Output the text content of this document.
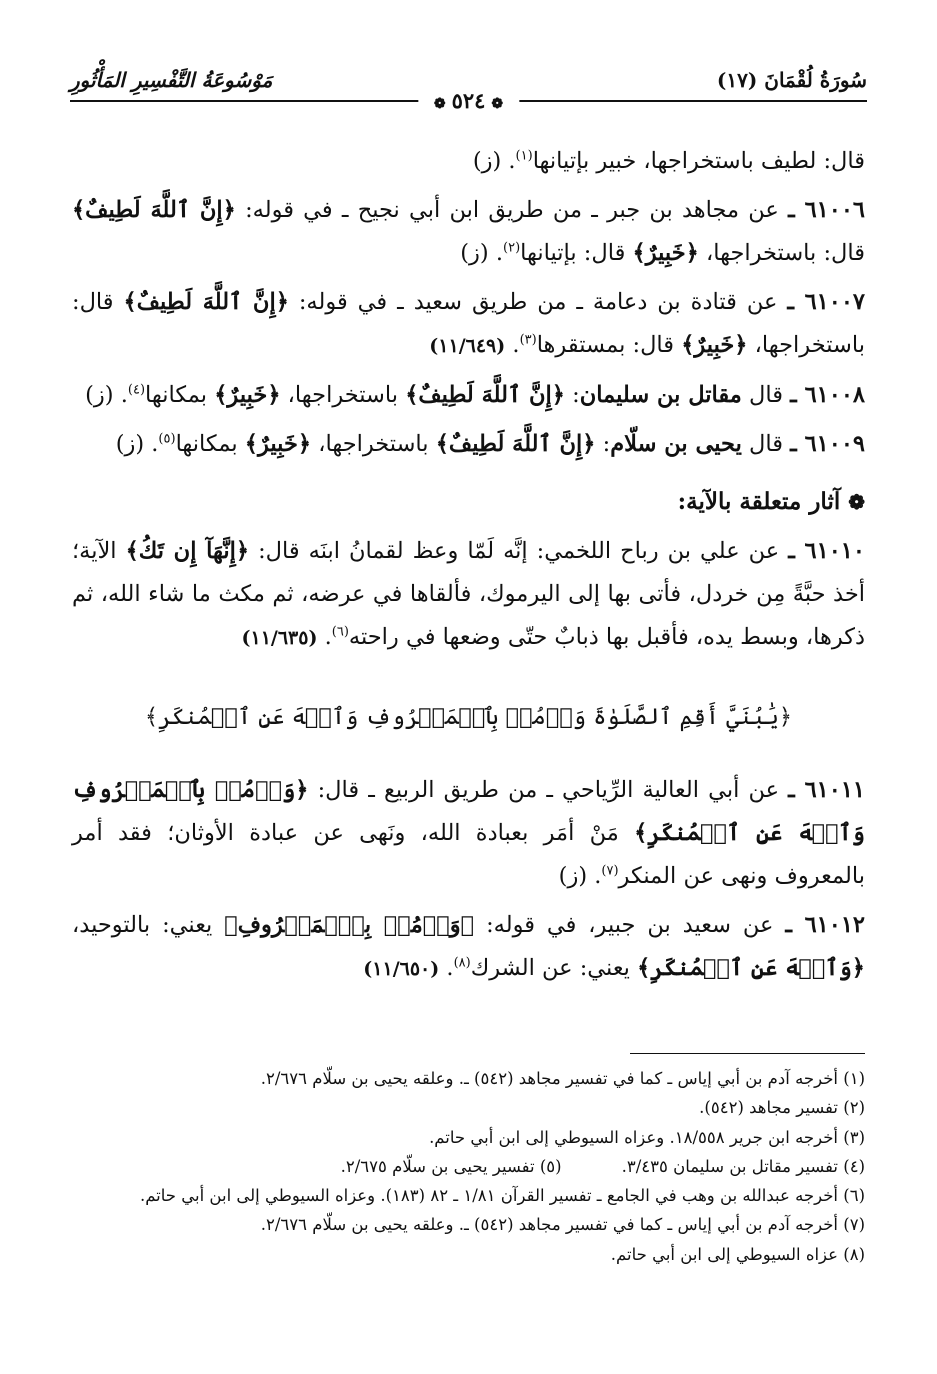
سُورَةُ لُقْمَانَ (١٧)
مَوْسُوعَةُ التَّفْسِيرِ المَأْثُورِ
❁٥٢٤❁

قال: لطيف باستخراجها، خبير بإتيانها$^{(١)}$. (ز)

٦١٠٠٦ ـ عن مجاهد بن جبر ـ من طريق ابن أبي نجيح ـ في قوله: ﴿إِنَّ ٱللَّهَ لَطِيفٌ﴾ قال: باستخراجها، ﴿خَبِيرٌ﴾ قال: بإتيانها$^{(٢)}$. (ز)

٦١٠٠٧ ـ عن قتادة بن دعامة ـ من طريق سعيد ـ في قوله: ﴿إِنَّ ٱللَّهَ لَطِيفٌ﴾ قال: باستخراجها، ﴿خَبِيرٌ﴾ قال: بمستقرها$^{(٣)}$. (١١/٦٤٩)

٦١٠٠٨ ـ قال مقاتل بن سليمان: ﴿إِنَّ ٱللَّهَ لَطِيفٌ﴾ باستخراجها، ﴿خَبِيرٌ﴾ بمكانها$^{(٤)}$. (ز)

٦١٠٠٩ ـ قال يحيى بن سلّام: ﴿إِنَّ ٱللَّهَ لَطِيفٌ﴾ باستخراجها، ﴿خَبِيرٌ﴾ بمكانها$^{(٥)}$. (ز)

❁آثار متعلقة بالآية:

٦١٠١٠ ـ عن علي بن رباح اللخمي: إنَّه لَمّا وعظ لقمانُ ابنَه قال: ﴿إِنَّهَآ إِن تَكُ﴾ الآية؛ أخذ حبَّةً مِن خردل، فأتى بها إلى اليرموك، فألقاها في عرضه، ثم مكث ما شاء الله، ثم ذكرها، وبسط يده، فأقبل بها ذبابٌ حتّى وضعها في راحته$^{(٦)}$. (١١/٦٣٥)

﴿يَٰبُنَيَّ أَقِمِ ٱلصَّلَوٰةَ وَأۡمُرۡ بِٱلۡمَعۡرُوفِ وَٱنۡهَ عَنِ ٱلۡمُنكَرِ﴾

٦١٠١١ ـ عن أبي العالية الرِّياحي ـ من طريق الربيع ـ قال: ﴿وَأۡمُرۡ بِٱلۡمَعۡرُوفِ وَٱنۡهَ عَنِ ٱلۡمُنكَرِ﴾ مَنْ أمَر بعبادة الله، ونَهى عن عبادة الأوثان؛ فقد أمر بالمعروف ونهى عن المنكر$^{(٧)}$. (ز)

٦١٠١٢ ـ عن سعيد بن جبير، في قوله: ﴿وَأۡمُرۡ بِٱلۡمَعۡرُوفِ﴾ يعني: بالتوحيد، ﴿وَٱنۡهَ عَنِ ٱلۡمُنكَرِ﴾ يعني: عن الشرك$^{(٨)}$. (١١/٦٥٠)

(١) أخرجه آدم بن أبي إياس ـ كما في تفسير مجاهد (٥٤٢) ـ. وعلقه يحيى بن سلّام ٢/٦٧٦.

(٢) تفسير مجاهد (٥٤٢).

(٣) أخرجه ابن جرير ١٨/٥٥٨. وعزاه السيوطي إلى ابن أبي حاتم.

(٤) تفسير مقاتل بن سليمان ٣/٤٣٥.

(٥) تفسير يحيى بن سلّام ٢/٦٧٥.

(٦) أخرجه عبدالله بن وهب في الجامع ـ تفسير القرآن ١/٨١ ـ ٨٢ (١٨٣). وعزاه السيوطي إلى ابن أبي حاتم.

(٧) أخرجه آدم بن أبي إياس ـ كما في تفسير مجاهد (٥٤٢) ـ. وعلقه يحيى بن سلّام ٢/٦٧٦.

(٨) عزاه السيوطي إلى ابن أبي حاتم.
